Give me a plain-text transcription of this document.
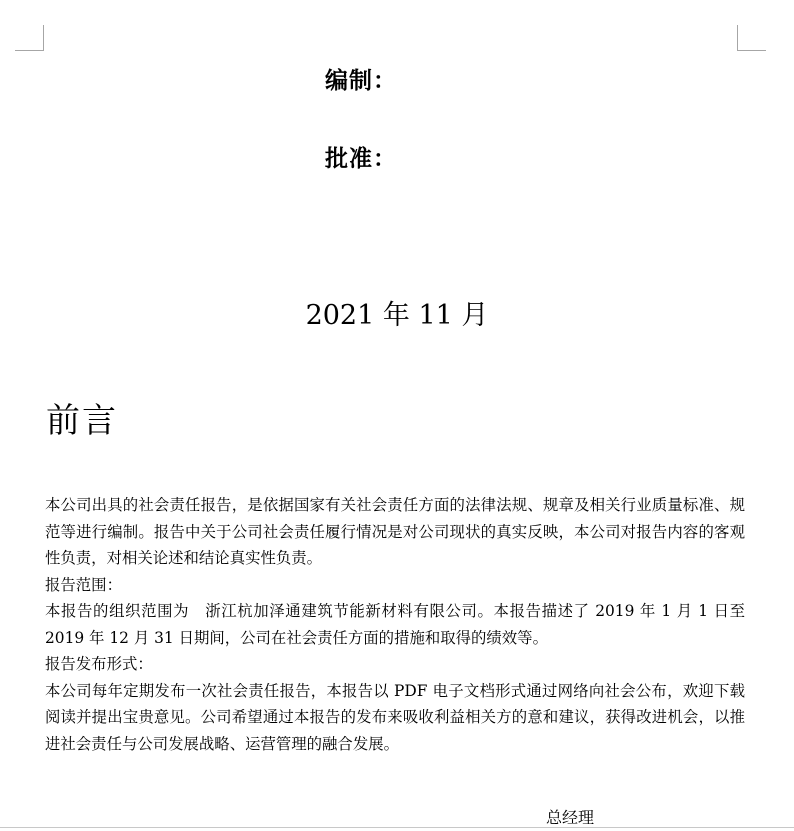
编制：
批准：
2021 年 11 月
前言

本公司出具的社会责任报告，是依据国家有关社会责任方面的法律法规、规章及相关行业质量标准、规范等进行编制。报告中关于公司社会责任履行情况是对公司现状的真实反映，本公司对报告内容的客观性负责，对相关论述和结论真实性负责。

报告范围：

本报告的组织范围为　浙江杭加泽通建筑节能新材料有限公司。本报告描述了 2019 年 1 月 1 日至 2019 年 12 月 31 日期间，公司在社会责任方面的措施和取得的绩效等。

报告发布形式：

本公司每年定期发布一次社会责任报告，本报告以 PDF 电子文档形式通过网络向社会公布，欢迎下载阅读并提出宝贵意见。公司希望通过本报告的发布来吸收利益相关方的意和建议，获得改进机会，以推进社会责任与公司发展战略、运营管理的融合发展。

总经理
